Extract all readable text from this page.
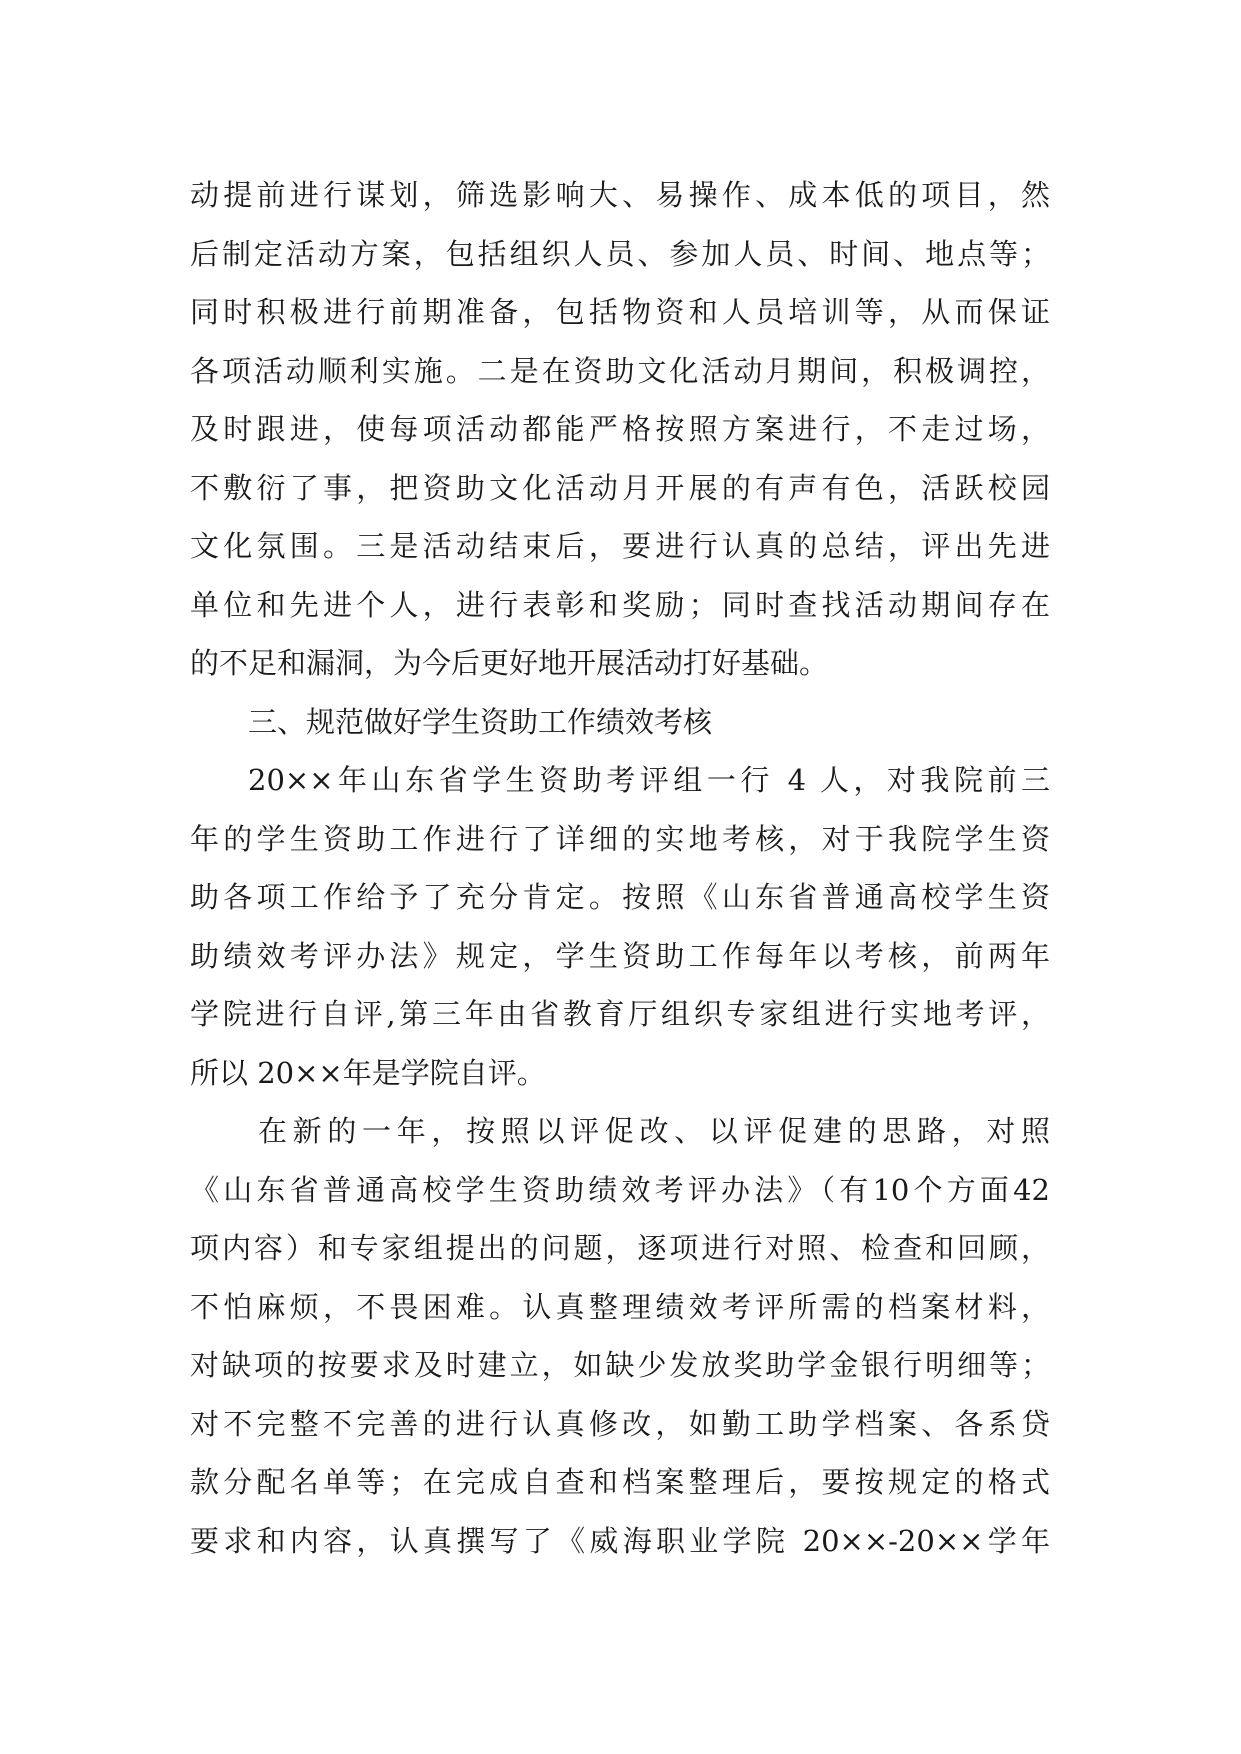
动提前进行谋划，筛选影响大、易操作、成本低的项目，然
后制定活动方案，包括组织人员、参加人员、时间、地点等；
同时积极进行前期准备，包括物资和人员培训等，从而保证
各项活动顺利实施。二是在资助文化活动月期间，积极调控，
及时跟进，使每项活动都能严格按照方案进行，不走过场，
不敷衍了事，把资助文化活动月开展的有声有色，活跃校园
文化氛围。三是活动结束后，要进行认真的总结，评出先进
单位和先进个人，进行表彰和奖励；同时查找活动期间存在
的不足和漏洞，为今后更好地开展活动打好基础。
三、规范做好学生资助工作绩效考核
20××年山东省学生资助考评组一行 4 人，对我院前三
年的学生资助工作进行了详细的实地考核，对于我院学生资
助各项工作给予了充分肯定。按照《山东省普通高校学生资
助绩效考评办法》规定，学生资助工作每年以考核，前两年
学院进行自评,第三年由省教育厅组织专家组进行实地考评，
所以 20××年是学院自评。
在新的一年，按照以评促改、以评促建的思路，对照
《山东省普通高校学生资助绩效考评办法》（有10个方面42
项内容）和专家组提出的问题，逐项进行对照、检查和回顾，
不怕麻烦，不畏困难。认真整理绩效考评所需的档案材料，
对缺项的按要求及时建立，如缺少发放奖助学金银行明细等；
对不完整不完善的进行认真修改，如勤工助学档案、各系贷
款分配名单等；在完成自查和档案整理后，要按规定的格式
要求和内容，认真撰写了《威海职业学院 20××-20××学年
